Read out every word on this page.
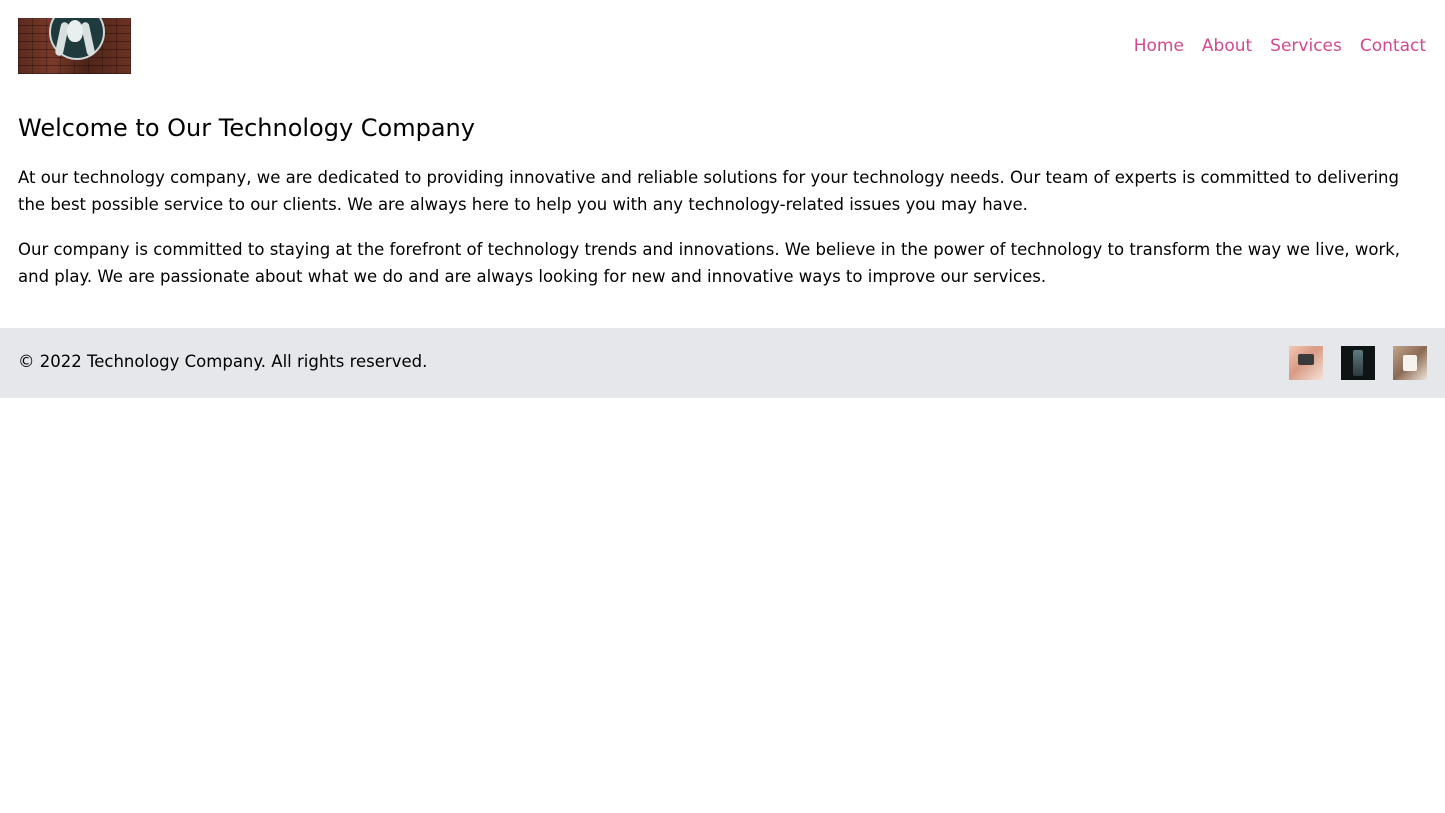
Home About Services Contact
Welcome to Our Technology Company

At our technology company, we are dedicated to providing innovative and reliable solutions for your technology needs. Our team of experts is committed to delivering the best possible service to our clients. We are always here to help you with any technology-related issues you may have.

Our company is committed to staying at the forefront of technology trends and innovations. We believe in the power of technology to transform the way we live, work, and play. We are passionate about what we do and are always looking for new and innovative ways to improve our services.

© 2022 Technology Company. All rights reserved.
